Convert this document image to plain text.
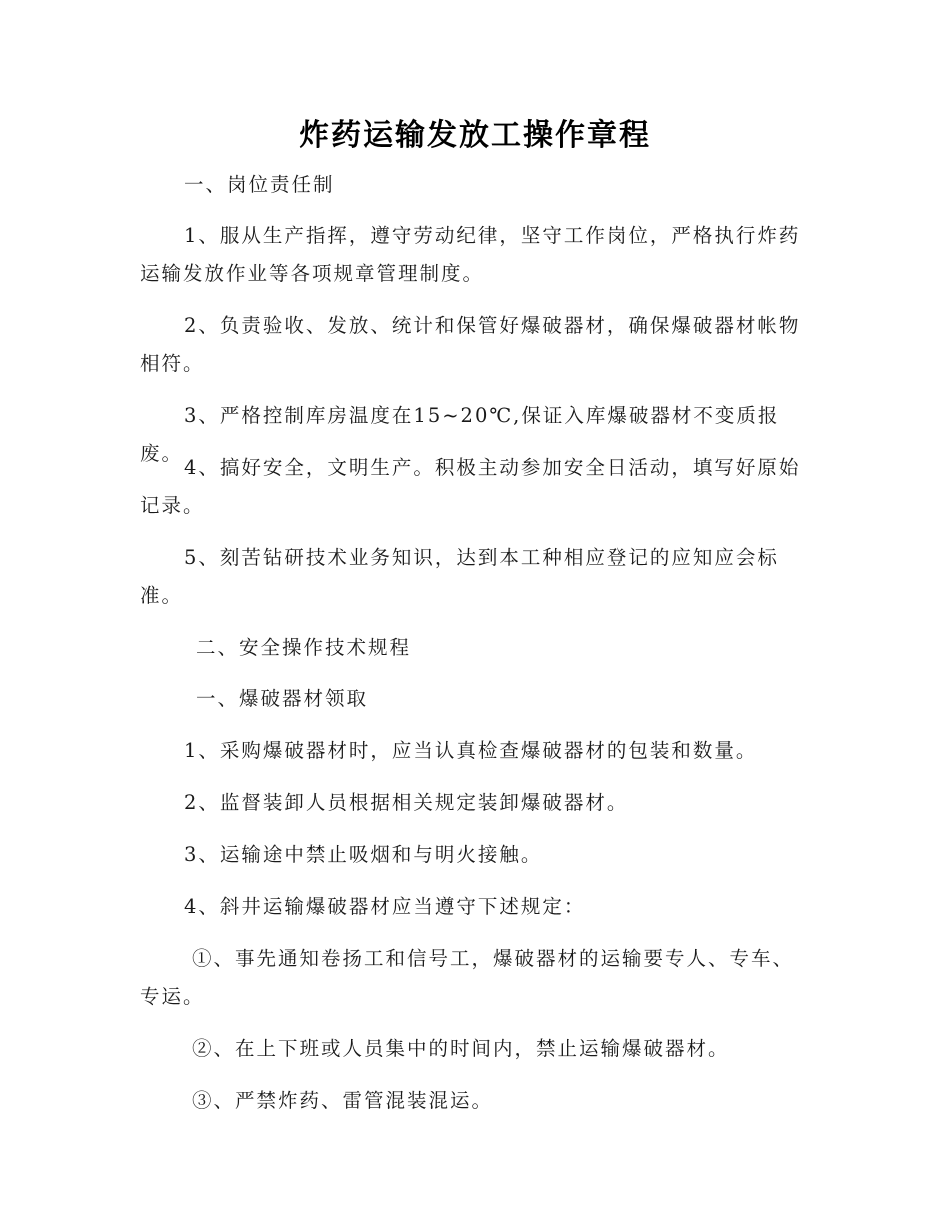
炸药运输发放工操作章程
一、岗位责任制
1、服从生产指挥，遵守劳动纪律，坚守工作岗位，严格执行炸药运输发放作业等各项规章管理制度。
2、负责验收、发放、统计和保管好爆破器材，确保爆破器材帐物相符。
3、严格控制库房温度在15~20℃,保证入库爆破器材不变质报废。
4、搞好安全，文明生产。积极主动参加安全日活动，填写好原始记录。
5、刻苦钻研技术业务知识，达到本工种相应登记的应知应会标准。
二、安全操作技术规程
一、爆破器材领取
1、采购爆破器材时，应当认真检查爆破器材的包装和数量。
2、监督装卸人员根据相关规定装卸爆破器材。
3、运输途中禁止吸烟和与明火接触。
4、斜井运输爆破器材应当遵守下述规定：
①、事先通知卷扬工和信号工，爆破器材的运输要专人、专车、专运。
②、在上下班或人员集中的时间内，禁止运输爆破器材。
③、严禁炸药、雷管混装混运。
